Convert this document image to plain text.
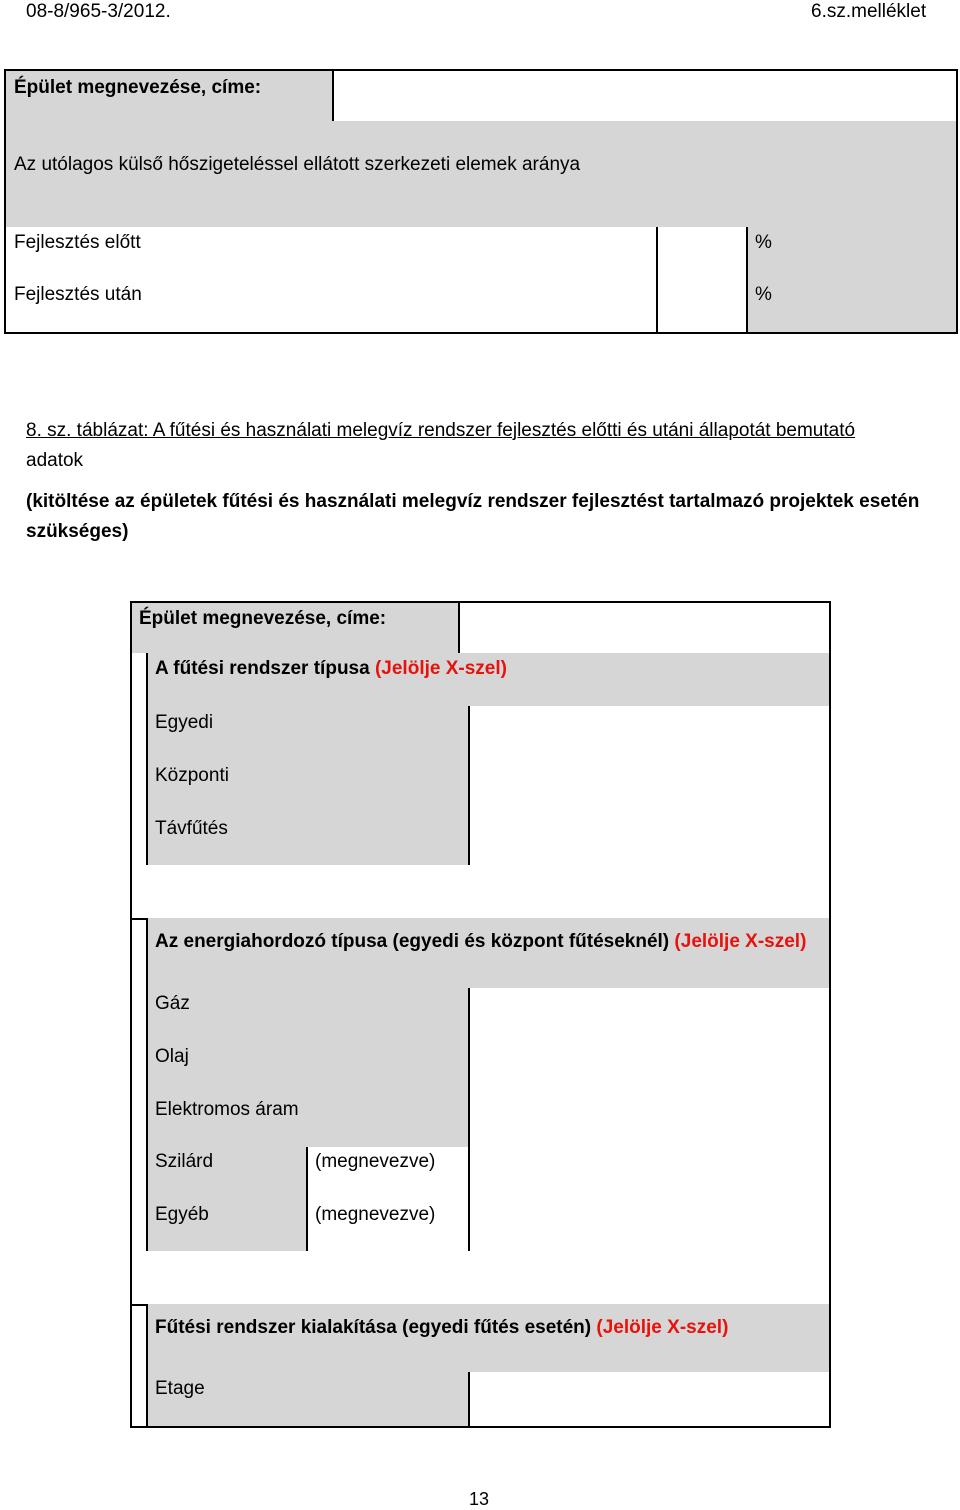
08-8/965-3/2012.	6.sz.melléklet
Épület megnevezése, címe:
Az utólagos külső hőszigeteléssel ellátott szerkezeti elemek aránya
Fejlesztés előtt	%
Fejlesztés után	%
8. sz. táblázat: A fűtési és használati melegvíz rendszer fejlesztés előtti és utáni állapotát bemutató
adatok
(kitöltése az épületek fűtési és használati melegvíz rendszer fejlesztést tartalmazó projektek esetén
szükséges)
Épület megnevezése, címe:
A fűtési rendszer típusa (Jelölje X-szel)
Egyedi
Központi
Távfűtés
Az energiahordozó típusa (egyedi és központ fűtéseknél) (Jelölje X-szel)
Gáz
Olaj
Elektromos áram
Szilárd	(megnevezve)
Egyéb	(megnevezve)
Fűtési rendszer kialakítása (egyedi fűtés esetén) (Jelölje X-szel)
Etage
13
